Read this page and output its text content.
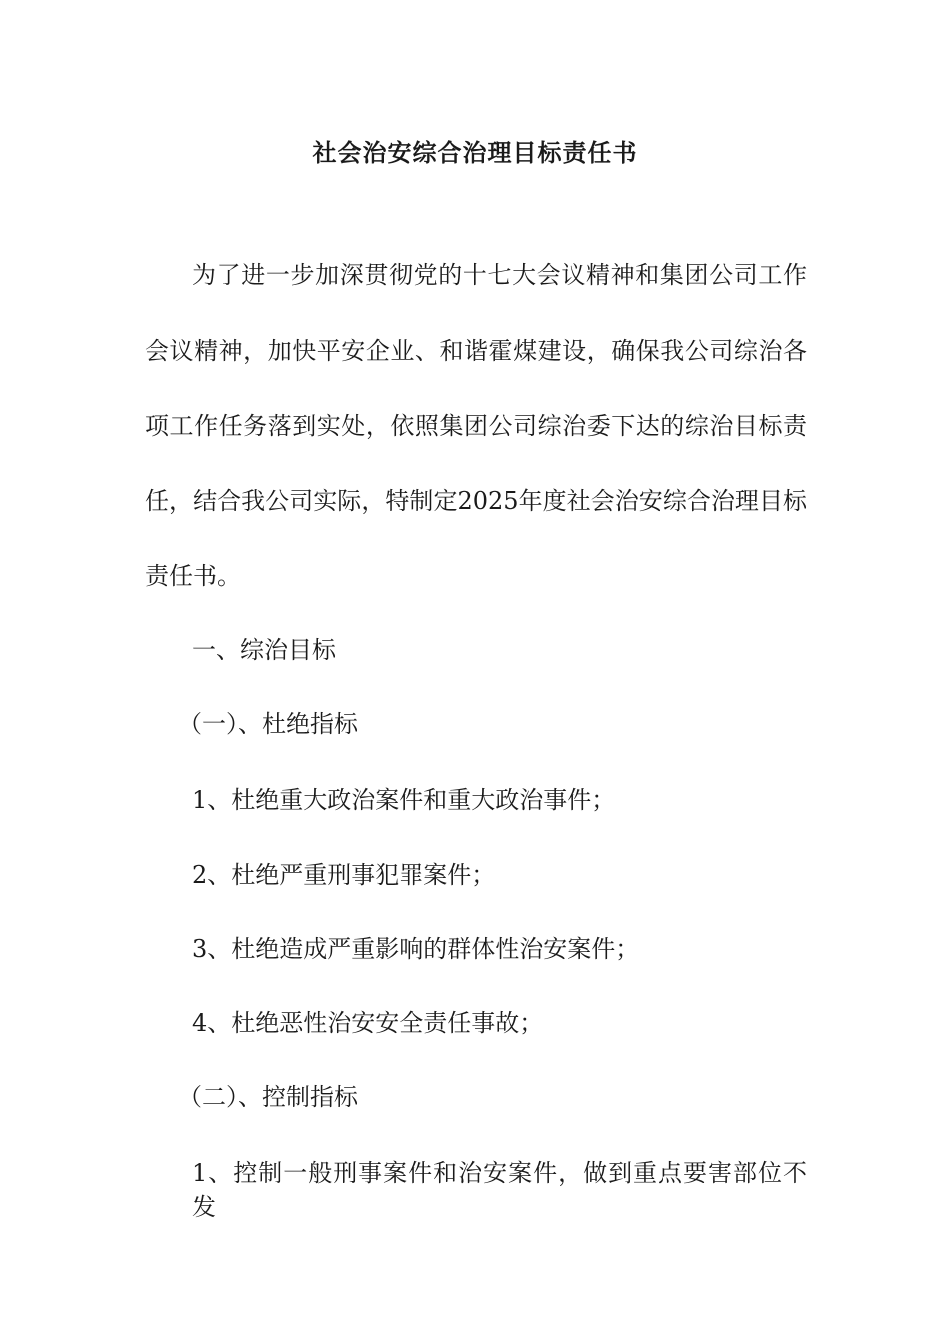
社会治安综合治理目标责任书
为了进一步加深贯彻党的十七大会议精神和集团公司工作
会议精神，加快平安企业、和谐霍煤建设，确保我公司综治各
项工作任务落到实处，依照集团公司综治委下达的综治目标责
任，结合我公司实际，特制定2025年度社会治安综合治理目标
责任书。
一、综治目标
（一）、杜绝指标
1、杜绝重大政治案件和重大政治事件；
2、杜绝严重刑事犯罪案件；
3、杜绝造成严重影响的群体性治安案件；
4、杜绝恶性治安安全责任事故；
（二）、控制指标
1、控制一般刑事案件和治安案件，做到重点要害部位不发
